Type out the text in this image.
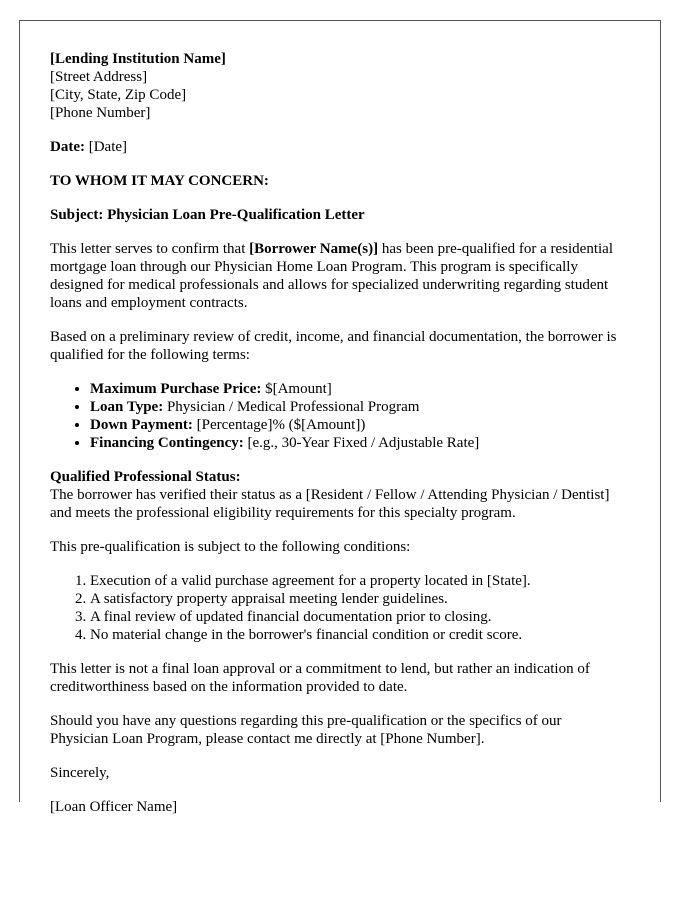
[Lending Institution Name]
[Street Address]
[City, State, Zip Code]
[Phone Number]

Date: [Date]

TO WHOM IT MAY CONCERN:

Subject: Physician Loan Pre-Qualification Letter

This letter serves to confirm that [Borrower Name(s)] has been pre-qualified for a residential mortgage loan through our Physician Home Loan Program. This program is specifically designed for medical professionals and allows for specialized underwriting regarding student loans and employment contracts.

Based on a preliminary review of credit, income, and financial documentation, the borrower is qualified for the following terms:

• Maximum Purchase Price: $[Amount]
• Loan Type: Physician / Medical Professional Program
• Down Payment: [Percentage]% ($[Amount])
• Financing Contingency: [e.g., 30-Year Fixed / Adjustable Rate]

Qualified Professional Status:
The borrower has verified their status as a [Resident / Fellow / Attending Physician / Dentist] and meets the professional eligibility requirements for this specialty program.

This pre-qualification is subject to the following conditions:

1. Execution of a valid purchase agreement for a property located in [State].
2. A satisfactory property appraisal meeting lender guidelines.
3. A final review of updated financial documentation prior to closing.
4. No material change in the borrower's financial condition or credit score.

This letter is not a final loan approval or a commitment to lend, but rather an indication of creditworthiness based on the information provided to date.

Should you have any questions regarding this pre-qualification or the specifics of our Physician Loan Program, please contact me directly at [Phone Number].

Sincerely,

[Loan Officer Name]
